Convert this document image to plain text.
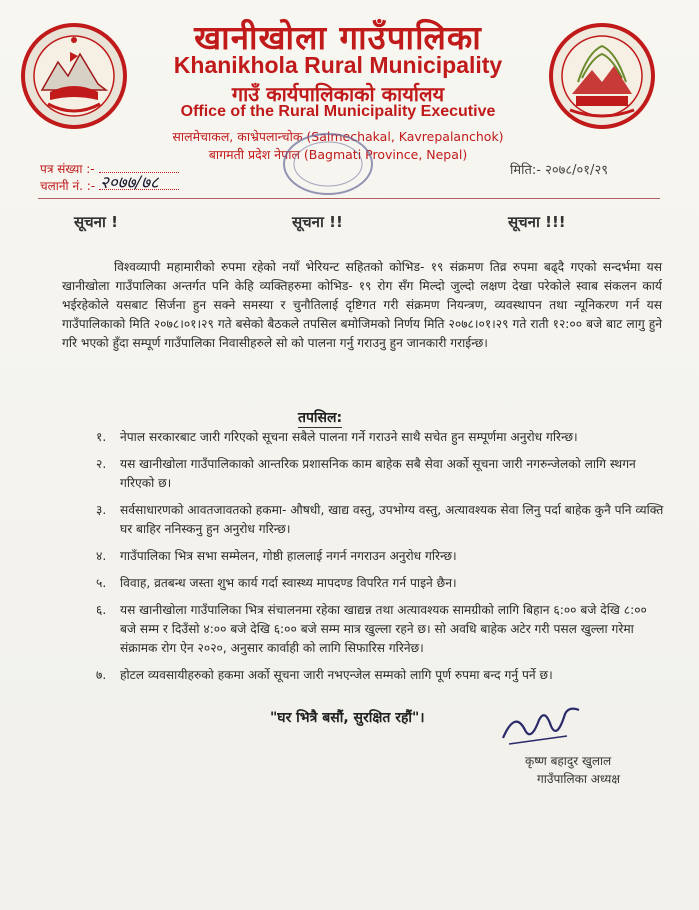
खानीखोला गाउँपालिका
Khanikhola Rural Municipality
गाउँ कार्यपालिकाको कार्यालय
Office of the Rural Municipality Executive
सालमेचाकल, काभ्रेपलान्चोक (Salmechakal, Kavrepalanchok)
बागमती प्रदेश नेपाल (Bagmati Province, Nepal)
पत्र संख्या :-
चलानी नं. :- २०७७/७८
मिति:- २०७८/०१/२९
सूचना !	सूचना !!	सूचना !!!
विश्वव्यापी महामारीको रुपमा रहेको नयाँ भेरियन्ट सहितको कोभिड- १९ संक्रमण तिव्र रुपमा बढ्दै गएको सन्दर्भमा यस खानीखोला गाउँपालिका अन्तर्गत पनि केहि व्यक्तिहरुमा कोभिड- १९ रोग सँग मिल्दो जुल्दो लक्षण देखा परेकोले स्वाब संकलन कार्य भईरहेकोले यसबाट सिर्जना हुन सक्ने समस्या र चुनौतिलाई दृष्टिगत गरी संक्रमण नियन्त्रण, व्यवस्थापन तथा न्यूनिकरण गर्न यस गाउँपालिकाको मिति २०७८।०१।२९ गते बसेको बैठकले तपसिल बमोजिमको निर्णय मिति २०७८।०१।२९ गते राती १२:०० बजे बाट लागु हुने गरि भएको हुँदा सम्पूर्ण गाउँपालिका निवासीहरुले सो को पालना गर्नु गराउनु हुन जानकारी गराईन्छ।
तपसिल:
१. नेपाल सरकारबाट जारी गरिएको सूचना सबैले पालना गर्ने गराउने साथै सचेत हुन सम्पूर्णमा अनुरोध गरिन्छ।
२. यस खानीखोला गाउँपालिकाको आन्तरिक प्रशासनिक काम बाहेक सबै सेवा अर्को सूचना जारी नगरुन्जेलको लागि स्थगन गरिएको छ।
३. सर्वसाधारणको आवतजावतको हकमा- औषधी, खाद्य वस्तु, उपभोग्य वस्तु, अत्यावश्यक सेवा लिनु पर्दा बाहेक कुनै पनि व्यक्ति घर बाहिर ननिस्कनु हुन अनुरोध गरिन्छ।
४. गाउँपालिका भित्र सभा सम्मेलन, गोष्ठी हाललाई नगर्न नगराउन अनुरोध गरिन्छ।
५. विवाह, व्रतबन्ध जस्ता शुभ कार्य गर्दा स्वास्थ्य मापदण्ड विपरित गर्न पाइने छैन।
६. यस खानीखोला गाउँपालिका भित्र संचालनमा रहेका खाद्यन्न तथा अत्यावश्यक सामग्रीको लागि बिहान ६:०० बजे देखि ८:०० बजे सम्म र दिउँसो ४:०० बजे देखि ६:०० बजे सम्म मात्र खुल्ला रहने छ। सो अवधि बाहेक अटेर गरी पसल खुल्ला गरेमा संक्रामक रोग ऐन २०२०, अनुसार कार्वाही को लागि सिफारिस गरिनेछ।
७. होटल व्यवसायीहरुको हकमा अर्को सूचना जारी नभएन्जेल सम्मको लागि पूर्ण रुपमा बन्द गर्नु पर्ने छ।
"घर भित्रै बसौं, सुरक्षित रहौं"।
कृष्ण बहादुर खुलाल
गाउँपालिका अध्यक्ष
